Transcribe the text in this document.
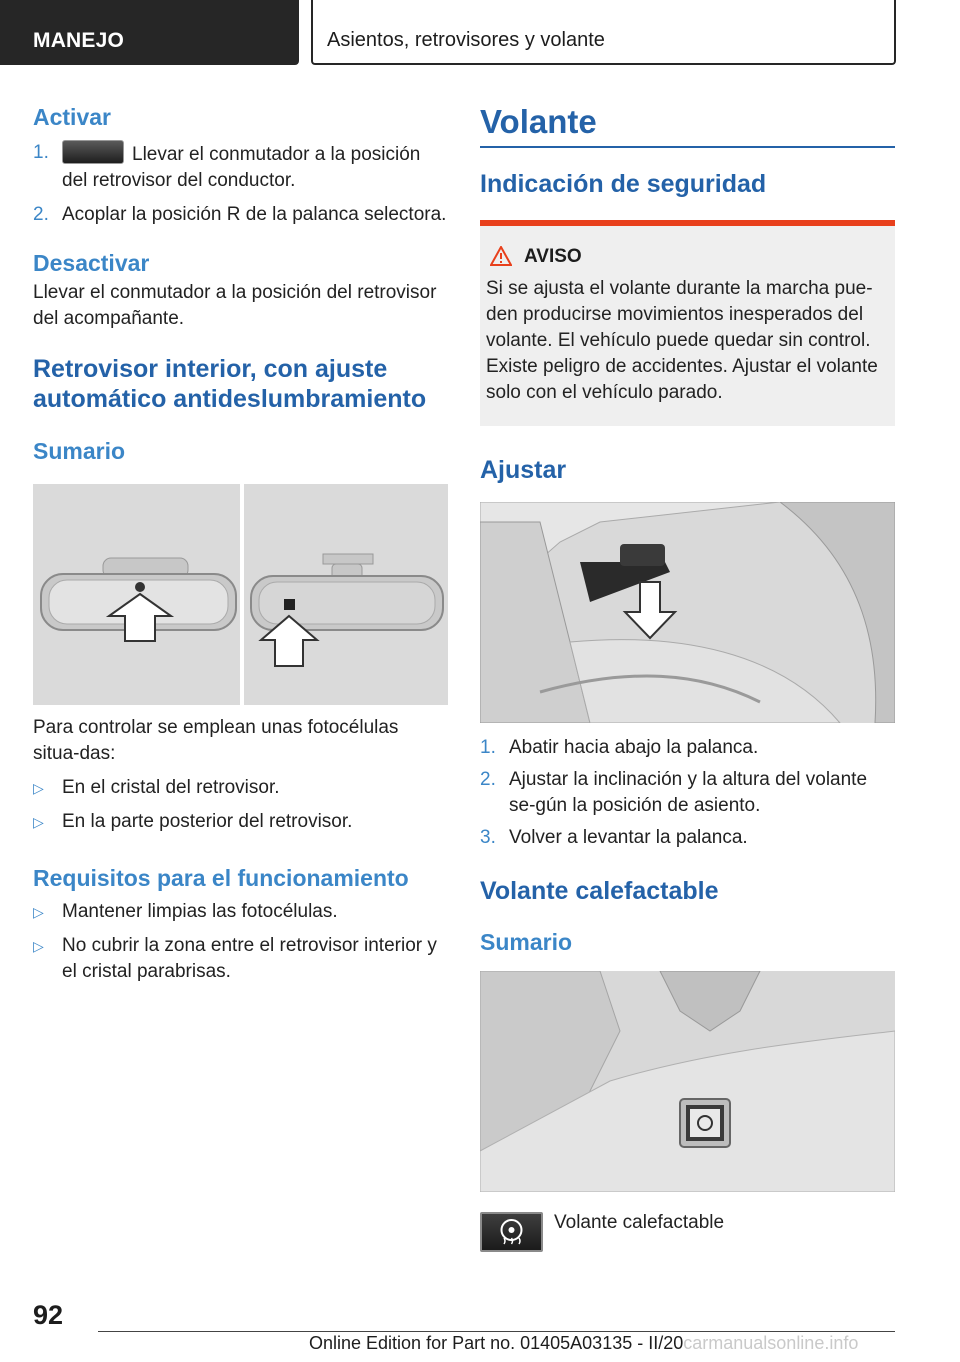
MANEJO	Asientos, retrovisores y volante
Activar
1.	Llevar el conmutador a la posición del retrovisor del conductor.
2. Acoplar la posición R de la palanca selectora.
Desactivar

Llevar el conmutador a la posición del retrovisor del acompañante.

Retrovisor interior, con ajuste automático antideslumbramiento
Sumario

Para controlar se emplean unas fotocélulas situa‐das:

▷ En el cristal del retrovisor.
▷ En la parte posterior del retrovisor.
Requisitos para el funcionamiento
▷ Mantener limpias las fotocélulas.
▷ No cubrir la zona entre el retrovisor interior y el cristal parabrisas.
Volante
Indicación de seguridad
AVISO

Si se ajusta el volante durante la marcha pue‐den producirse movimientos inesperados del volante. El vehículo puede quedar sin control. Existe peligro de accidentes. Ajustar el volante solo con el vehículo parado.

Ajustar
1. Abatir hacia abajo la palanca.
2. Ajustar la inclinación y la altura del volante se‐gún la posición de asiento.
3. Volver a levantar la palanca.
Volante calefactable
Sumario
Volante calefactable
92
Online Edition for Part no. 01405A03135 - II/20carmanualsonline.info
